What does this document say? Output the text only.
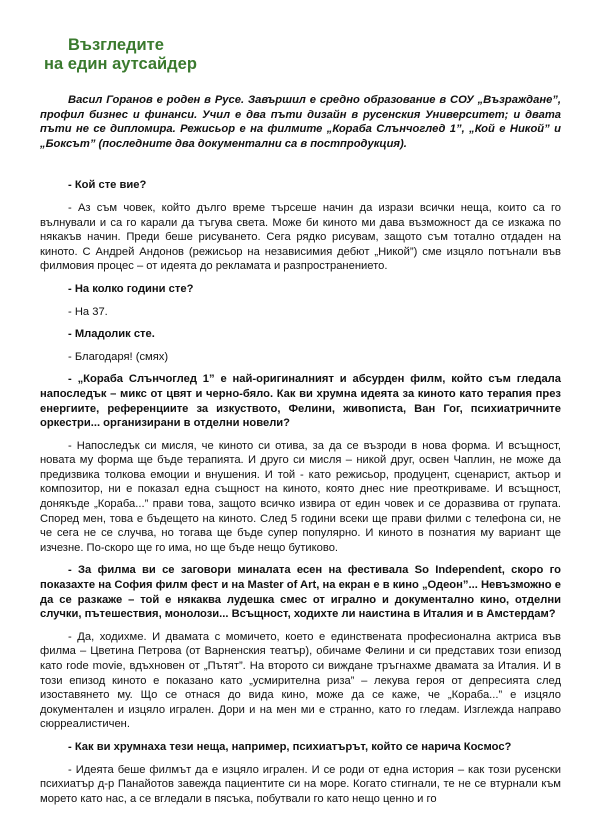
Възгледите
на един аутсайдер

Васил Горанов е роден в Русе. Завършил е средно образование в СОУ „Възраждане”, профил бизнес и финанси. Учил е два пъти дизайн в русенския Университет; и двата пъти не се дипломира. Режисьор е на филмите „Кораба Слънчоглед 1”, „Кой е Никой” и „Боксът” (последните два документални са в постпродукция).

- Кой сте вие?

- Аз съм човек, който дълго време търсеше начин да изрази всички неща, които са го вълнували и са го карали да тъгува света. Може би киното ми дава възможност да се изкажа по някакъв начин. Преди беше рисуването. Сега рядко рисувам, защото съм тотално отдаден на киното. С Андрей Андонов (режисьор на независимия дебют „Никой”) сме изцяло потънали във филмовия процес – от идеята до рекламата и разпространението.

- На колко години сте?

- На 37.

- Младолик сте.

- Благодаря! (смях)

- „Кораба Слънчоглед 1” е най-оригиналният и абсурден филм, който съм гледала напоследък – микс от цвят и черно-бяло. Как ви хрумна идеята за киното като терапия през енергиите, референциите за изкуството, Фелини, живописта, Ван Гог, психиатричните оркестри... организирани в отделни новели?

- Напоследък си мисля, че киното си отива, за да се възроди в нова форма. И всъщност, новата му форма ще бъде терапията. И друго си мисля – никой друг, освен Чаплин, не може да предизвика толкова емоции и внушения. И той - като режисьор, продуцент, сценарист, актьор и композитор, ни е показал една същност на киното, която днес ние преоткриваме. И всъщност, донякъде „Кораба...” прави това, защото всичко извира от един човек и се доразвива от групата. Според мен, това е бъдещето на киното. След 5 години всеки ще прави филми с телефона си, не че сега не се случва, но тогава ще бъде супер популярно. И киното в познатия му вариант ще изчезне. По-скоро ще го има, но ще бъде нещо бутиково.

- За филма ви се заговори миналата есен на фестивала So Independent, скоро го показахте на София филм фест и на Master of Art, на екран е в кино „Одеон”... Невъзможно е да се разкаже – той е някаква лудешка смес от игрално и документално кино, отделни случки, пътешествия, монолози... Всъщност, ходихте ли наистина в Италия и в Амстердам?

- Да, ходихме. И двамата с момичето, което е единствената професионална актриса във филма – Цветина Петрова (от Варненския театър), обичаме Фелини и си представих този епизод като rode movie, вдъхновен от „Пътят”. На второто си виждане тръгнахме двамата за Италия. И в този епизод киното е показано като „усмирителна риза” – лекува героя от депресията след изоставянето му. Що се отнася до вида кино, може да се каже, че „Кораба...” е изцяло документален и изцяло игрален. Дори и на мен ми е странно, като го гледам. Изглежда направо сюрреалистичен.

- Как ви хрумнаха тези неща, например, психиатърът, който се нарича Космос?

- Идеята беше филмът да е изцяло игрален. И се роди от една история – как този русенски психиатър д-р Панайотов завежда пациентите си на море. Когато стигнали, те не се втурнали към морето като нас, а се вгледали в пясъка, побутвали го като нещо ценно и го
